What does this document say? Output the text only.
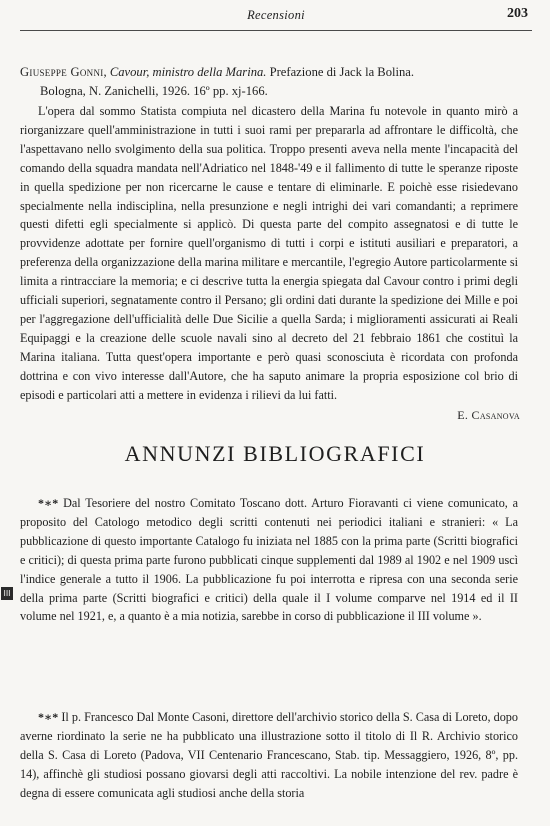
Recensioni	203
Giuseppe Gonni, Cavour, ministro della Marina. Prefazione di Jack la Bolina.
Bologna, N. Zanichelli, 1926. 16º pp. xj-166.

L'opera dal sommo Statista compiuta nel dicastero della Marina fu notevole in quanto mirò a riorganizzare quell'amministrazione in tutti i suoi rami per prepararla ad affrontare le difficoltà, che l'aspettavano nello svolgimento della sua politica. Troppo presenti aveva nella mente l'incapacità del comando della squadra mandata nell'Adriatico nel 1848-'49 e il fallimento di tutte le speranze riposte in quella spedizione per non ricercarne le cause e tentare di eliminarle. E poichè esse risiedevano specialmente nella indisciplina, nella presunzione e negli intrighi dei vari comandanti; a reprimere questi difetti egli specialmente si applicò. Di questa parte del compito assegnatosi e di tutte le provvidenze adottate per fornire quell'organismo di tutti i corpi e istituti ausiliari e preparatori, a preferenza della organizzazione della marina militare e mercantile, l'egregio Autore particolarmente si limita a rintracciare la memoria; e ci descrive tutta la energia spiegata dal Cavour contro i primi degli ufficiali superiori, segnatamente contro il Persano; gli ordini dati durante la spedizione dei Mille e poi per l'aggregazione dell'ufficialità delle Due Sicilie a quella Sarda; i miglioramenti assicurati ai Reali Equipaggi e la creazione delle scuole navali sino al decreto del 21 febbraio 1861 che costituì la Marina italiana. Tutta quest'opera importante e però quasi sconosciuta è ricordata con profonda dottrina e con vivo interesse dall'Autore, che ha saputo animare la propria esposizione col brio di episodi e particolari atti a mettere in evidenza i rilievi da lui fatti.

E. Casanova
ANNUNZI BIBLIOGRAFICI
III

*∗* Dal Tesoriere del nostro Comitato Toscano dott. Arturo Fioravanti ci viene comunicato, a proposito del Catologo metodico degli scritti contenuti nei periodici italiani e stranieri: « La pubblicazione di questo importante Catalogo fu iniziata nel 1885 con la prima parte (Scritti biografici e critici); di questa prima parte furono pubblicati cinque supplementi dal 1989 al 1902 e nel 1909 uscì l'indice generale a tutto il 1906. La pubblicazione fu poi interrotta e ripresa con una seconda serie della prima parte (Scritti biografici e critici) della quale il I volume comparve nel 1914 ed il II volume nel 1921, e, a quanto è a mia notizia, sarebbe in corso di pubblicazione il III volume ».

*∗* Il p. Francesco Dal Monte Casoni, direttore dell'archivio storico della S. Casa di Loreto, dopo averne riordinato la serie ne ha pubblicato una illustrazione sotto il titolo di Il R. Archivio storico della S. Casa di Loreto (Padova, VII Centenario Francescano, Stab. tip. Messaggiero, 1926, 8º, pp. 14), affinchè gli studiosi possano giovarsi degli atti raccoltivi. La nobile intenzione del rev. padre è degna di essere comunicata agli studiosi anche della storia
